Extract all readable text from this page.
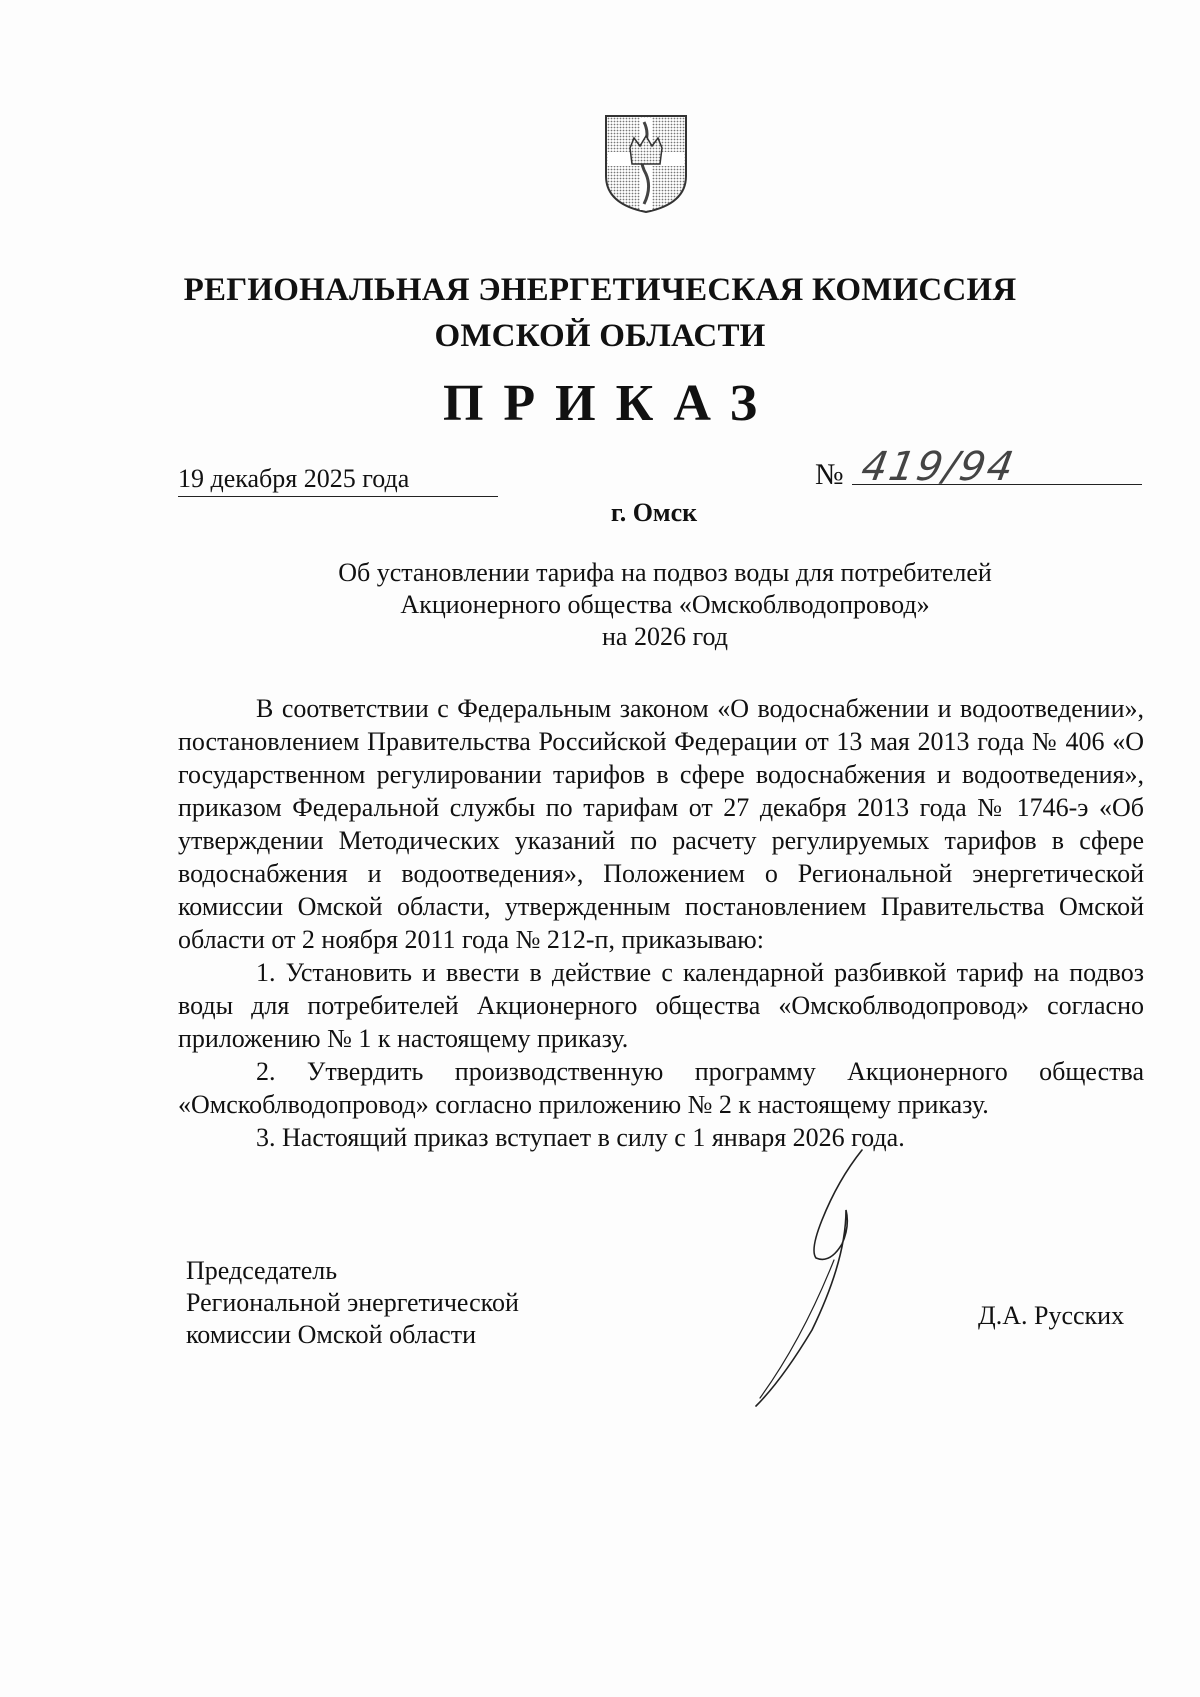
РЕГИОНАЛЬНАЯ ЭНЕРГЕТИЧЕСКАЯ КОМИССИЯ
ОМСКОЙ ОБЛАСТИ
ПРИКАЗ
19 декабря 2025 года	№ 419/94
г. Омск
Об установлении тарифа на подвоз воды для потребителей
Акционерного общества «Омскоблводопровод»
на 2026 год

В соответствии с Федеральным законом «О водоснабжении и водоотведении», постановлением Правительства Российской Федерации от 13 мая 2013 года № 406 «О государственном регулировании тарифов в сфере водоснабжения и водоотведения», приказом Федеральной службы по тарифам от 27 декабря 2013 года № 1746-э «Об утверждении Методических указаний по расчету регулируемых тарифов в сфере водоснабжения и водоотведения», Положением о Региональной энергетической комиссии Омской области, утвержденным постановлением Правительства Омской области от 2 ноября 2011 года № 212-п, приказываю:

1. Установить и ввести в действие с календарной разбивкой тариф на подвоз воды для потребителей Акционерного общества «Омскоблводопровод» согласно приложению № 1 к настоящему приказу.

2. Утвердить производственную программу Акционерного общества «Омскоблводопровод» согласно приложению № 2 к настоящему приказу.

3. Настоящий приказ вступает в силу с 1 января 2026 года.

Председатель
Региональной энергетической
комиссии Омской области
Д.А. Русских
